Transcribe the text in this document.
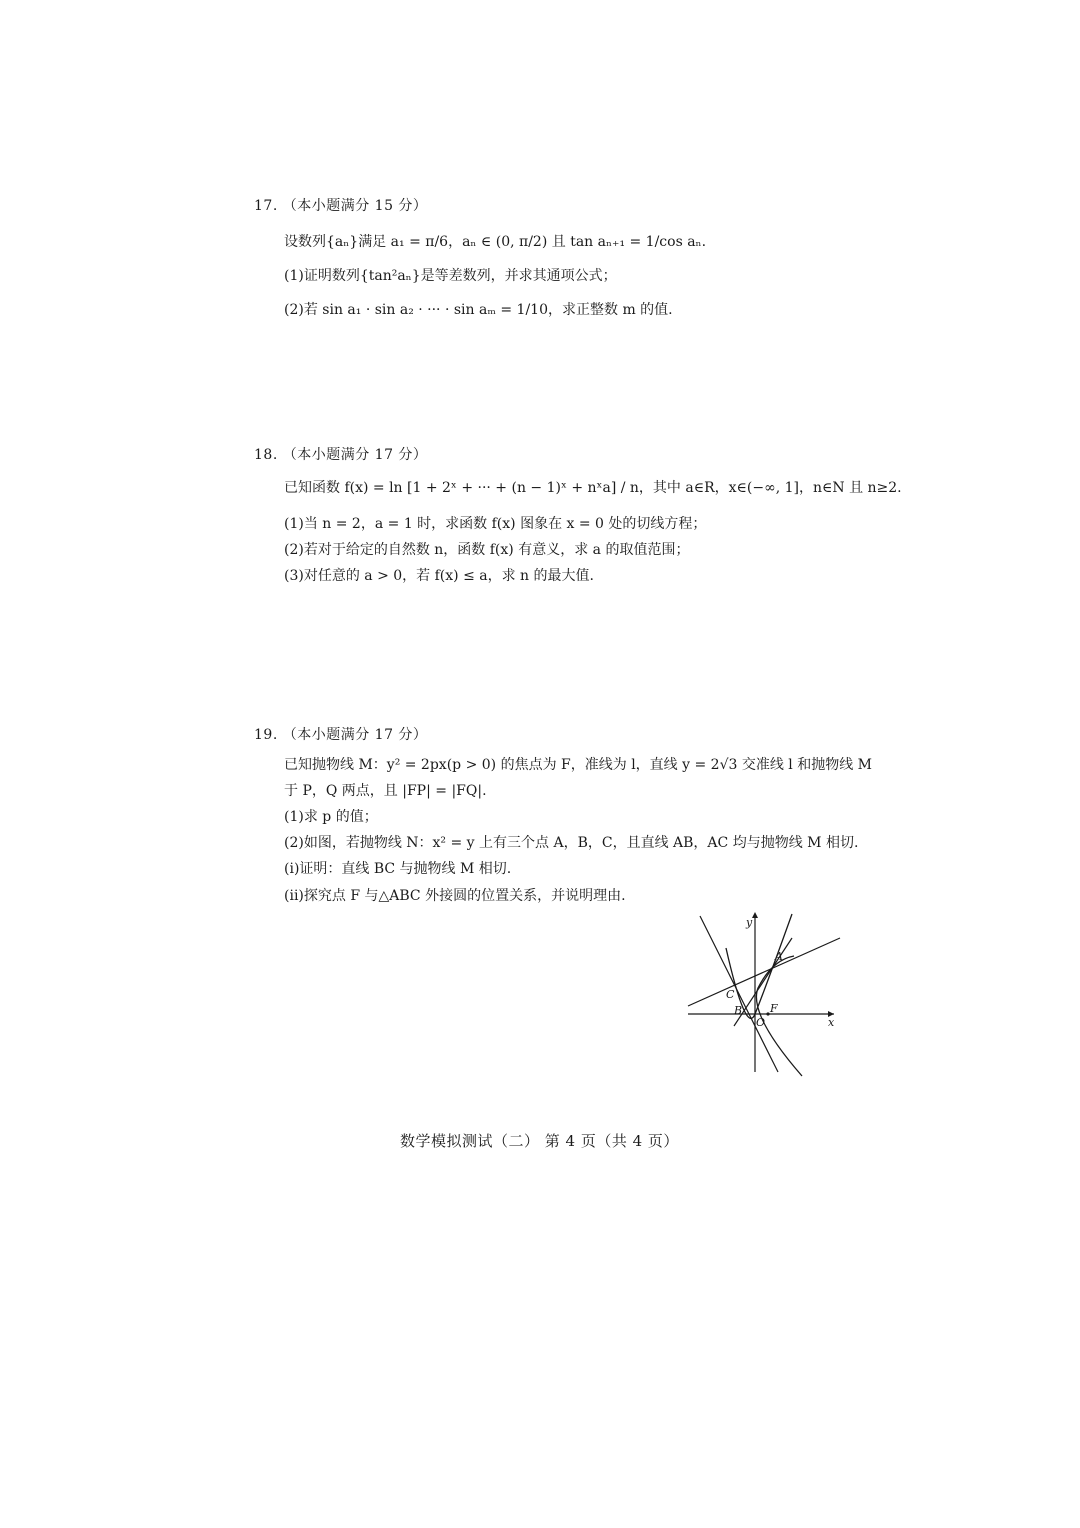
17. （本小题满分 15 分）
设数列{aₙ}满足 a₁ = π/6，aₙ ∈ (0, π/2) 且 tan aₙ₊₁ = 1/cos aₙ.
(1)证明数列{tan²aₙ}是等差数列，并求其通项公式；
(2)若 sin a₁ · sin a₂ · ··· · sin aₘ = 1/10，求正整数 m 的值.
18. （本小题满分 17 分）
已知函数 f(x) = ln [1 + 2ˣ + ··· + (n − 1)ˣ + nˣa] / n，其中 a∈R，x∈(−∞, 1]，n∈N 且 n≥2.
(1)当 n = 2，a = 1 时，求函数 f(x) 图象在 x = 0 处的切线方程；
(2)若对于给定的自然数 n，函数 f(x) 有意义，求 a 的取值范围；
(3)对任意的 a > 0，若 f(x) ≤ a，求 n 的最大值.
19. （本小题满分 17 分）
已知抛物线 M：y² = 2px(p > 0) 的焦点为 F，准线为 l，直线 y = 2√3 交准线 l 和抛物线 M
于 P，Q 两点，且 |FP| = |FQ|.
(1)求 p 的值；
(2)如图，若抛物线 N：x² = y 上有三个点 A，B，C，且直线 AB，AC 均与抛物线 M 相切.
(i)证明：直线 BC 与抛物线 M 相切.
(ii)探究点 F 与△ABC 外接圆的位置关系，并说明理由.
y
x
A
B
C
O
F
数学模拟测试（二） 第 4 页（共 4 页）
